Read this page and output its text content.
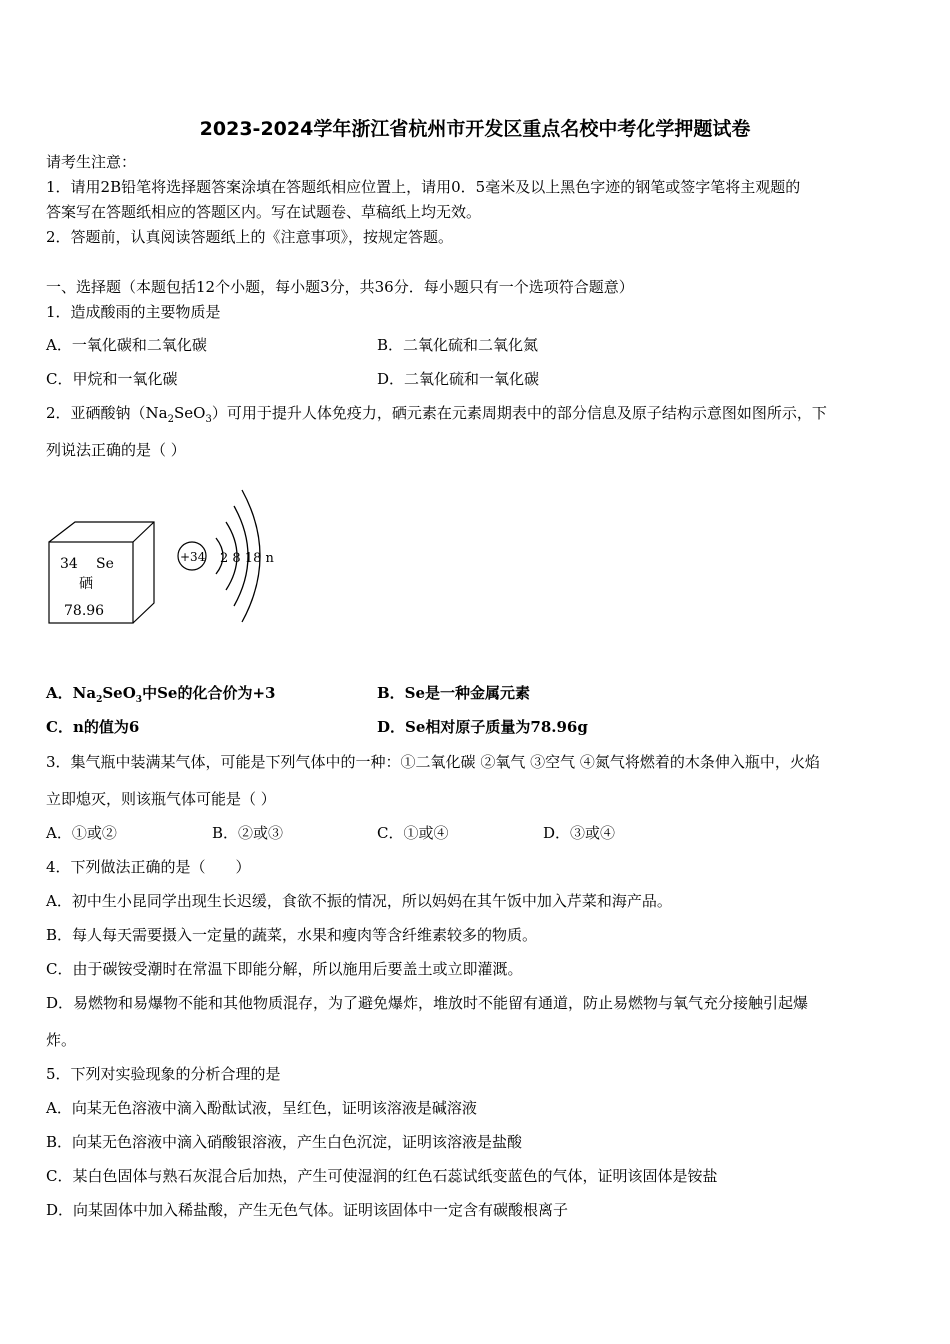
2023-2024学年浙江省杭州市开发区重点名校中考化学押题试卷
请考生注意：
1．请用2B铅笔将选择题答案涂填在答题纸相应位置上，请用0．5毫米及以上黑色字迹的钢笔或签字笔将主观题的
答案写在答题纸相应的答题区内。写在试题卷、草稿纸上均无效。
2．答题前，认真阅读答题纸上的《注意事项》，按规定答题。
一、选择题（本题包括12个小题，每小题3分，共36分．每小题只有一个选项符合题意）
1．造成酸雨的主要物质是
A．一氧化碳和二氧化碳	B．二氧化硫和二氧化氮
C．甲烷和一氧化碳	D．二氧化硫和一氧化碳
2．亚硒酸钠$(Na_2SeO_3)$可用于提升人体免疫力，硒元素在元素周期表中的部分信息及原子结构示意图如图所示，下
列说法正确的是（ ）
34 Se
硒
78.96
+34 2 8 18 n
A．$Na_2SeO_3$中Se的化合价为+3	B．Se是一种金属元素
C．n的值为6	D．Se相对原子质量为78.96g
3．集气瓶中装满某气体，可能是下列气体中的一种：①二氧化碳 ②氧气 ③空气 ④氮气将燃着的木条伸入瓶中，火焰
立即熄灭，则该瓶气体可能是（ ）
A．①或②	B．②或③	C．①或④	D．③或④
4．下列做法正确的是（　　）
A．初中生小昆同学出现生长迟缓，食欲不振的情况，所以妈妈在其午饭中加入芹菜和海产品。
B．每人每天需要摄入一定量的蔬菜，水果和瘦肉等含纤维素较多的物质。
C．由于碳铵受潮时在常温下即能分解，所以施用后要盖土或立即灌溉。
D．易燃物和易爆物不能和其他物质混存，为了避免爆炸，堆放时不能留有通道，防止易燃物与氧气充分接触引起爆
炸。
5．下列对实验现象的分析合理的是
A．向某无色溶液中滴入酚酞试液，呈红色，证明该溶液是碱溶液
B．向某无色溶液中滴入硝酸银溶液，产生白色沉淀，证明该溶液是盐酸
C．某白色固体与熟石灰混合后加热，产生可使湿润的红色石蕊试纸变蓝色的气体，证明该固体是铵盐
D．向某固体中加入稀盐酸，产生无色气体。证明该固体中一定含有碳酸根离子
